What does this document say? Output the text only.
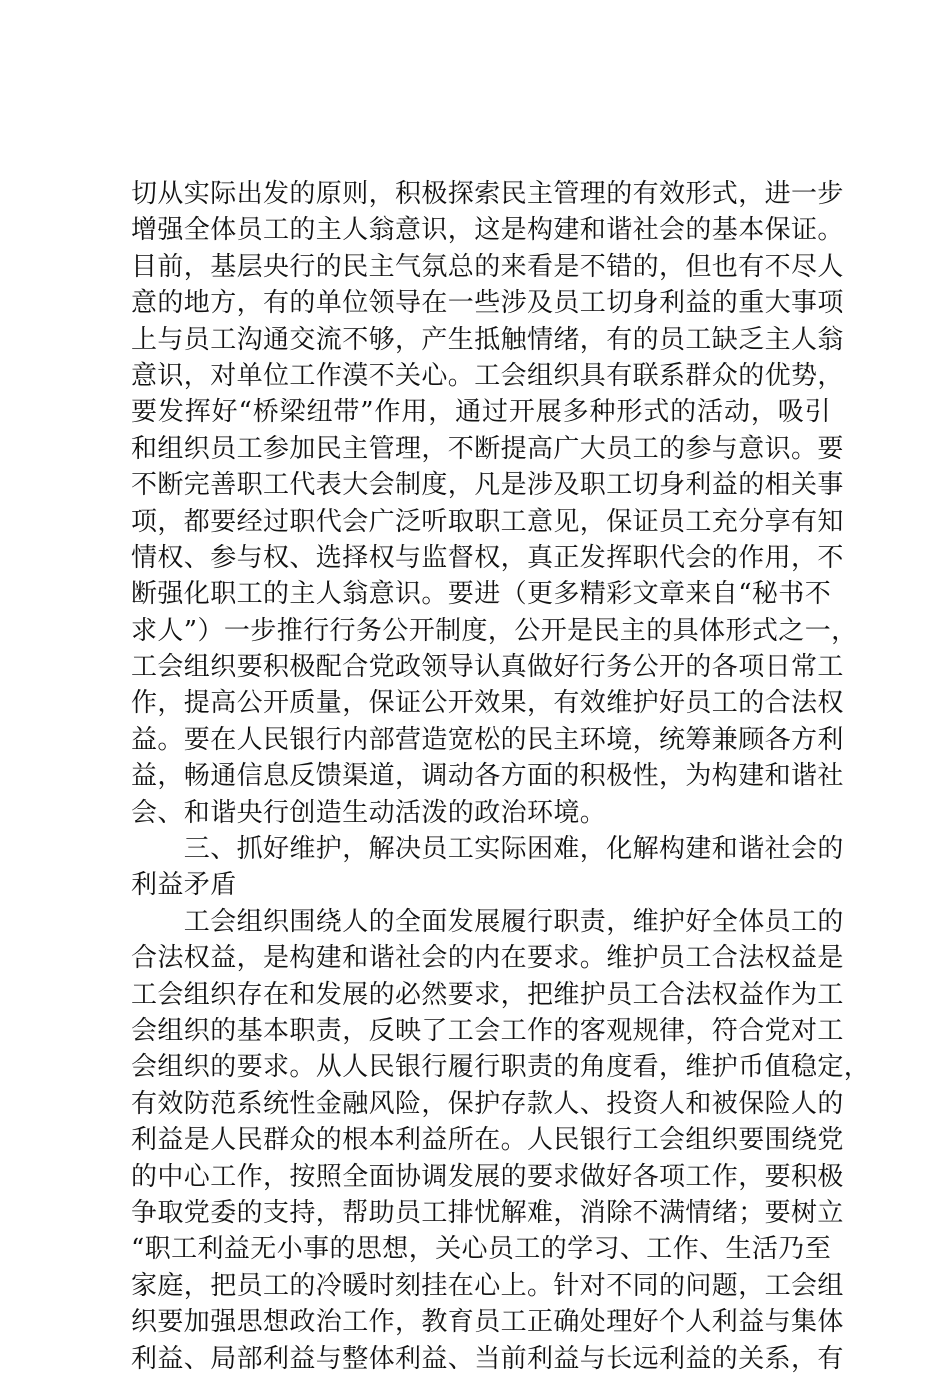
切从实际出发的原则，积极探索民主管理的有效形式，进一步
增强全体员工的主人翁意识，这是构建和谐社会的基本保证。
目前，基层央行的民主气氛总的来看是不错的，但也有不尽人
意的地方，有的单位领导在一些涉及员工切身利益的重大事项
上与员工沟通交流不够，产生抵触情绪，有的员工缺乏主人翁
意识，对单位工作漠不关心。工会组织具有联系群众的优势，
要发挥好“桥梁纽带”作用，通过开展多种形式的活动，吸引
和组织员工参加民主管理，不断提高广大员工的参与意识。要
不断完善职工代表大会制度，凡是涉及职工切身利益的相关事
项，都要经过职代会广泛听取职工意见，保证员工充分享有知
情权、参与权、选择权与监督权，真正发挥职代会的作用，不
断强化职工的主人翁意识。要进（更多精彩文章来自“秘书不
求人”）一步推行行务公开制度，公开是民主的具体形式之一，
工会组织要积极配合党政领导认真做好行务公开的各项日常工
作，提高公开质量，保证公开效果，有效维护好员工的合法权
益。要在人民银行内部营造宽松的民主环境，统筹兼顾各方利
益，畅通信息反馈渠道，调动各方面的积极性，为构建和谐社
会、和谐央行创造生动活泼的政治环境。
　　三、抓好维护，解决员工实际困难，化解构建和谐社会的
利益矛盾
　　工会组织围绕人的全面发展履行职责，维护好全体员工的
合法权益，是构建和谐社会的内在要求。维护员工合法权益是
工会组织存在和发展的必然要求，把维护员工合法权益作为工
会组织的基本职责，反映了工会工作的客观规律，符合党对工
会组织的要求。从人民银行履行职责的角度看，维护币值稳定，
有效防范系统性金融风险，保护存款人、投资人和被保险人的
利益是人民群众的根本利益所在。人民银行工会组织要围绕党
的中心工作，按照全面协调发展的要求做好各项工作，要积极
争取党委的支持，帮助员工排忧解难，消除不满情绪；要树立
“职工利益无小事的思想，关心员工的学习、工作、生活乃至
家庭，把员工的冷暖时刻挂在心上。针对不同的问题，工会组
织要加强思想政治工作，教育员工正确处理好个人利益与集体
利益、局部利益与整体利益、当前利益与长远利益的关系，有
